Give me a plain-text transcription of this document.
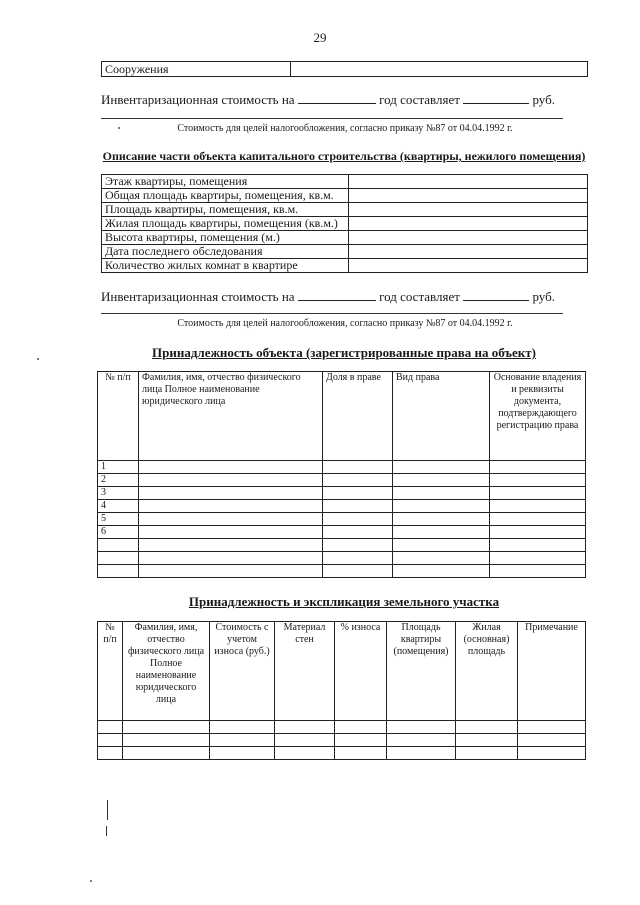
29
Сооружения	
Инвентаризационная стоимость на	год составляет	руб.
Стоимость для целей налогообложения, согласно приказу №87 от 04.04.1992 г.
Описание части объекта капитального строительства (квартиры, нежилого помещения)
Этаж квартиры, помещения	
Общая площадь квартиры, помещения, кв.м.	
Площадь квартиры, помещения, кв.м.	
Жилая площадь квартиры, помещения (кв.м.)	
Высота квартиры, помещения (м.)	
Дата последнего обследования	
Количество жилых комнат в квартире	
Инвентаризационная стоимость на	год составляет	руб.
Стоимость для целей налогообложения, согласно приказу №87 от 04.04.1992 г.
Принадлежность объекта (зарегистрированные права на объект)
№ п/п	Фамилия, имя, отчество физического лица Полное наименование юридического лица	Доля в праве	Вид права	Основание владения и реквизиты документа, подтверждающего регистрацию права
1				
2				
3				
4				
5				
6				

Принадлежность и экспликация земельного участка
№ п/п	Фамилия, имя, отчество физического лица Полное наименование юридического лица	Стоимость с учетом износа (руб.)	Материал стен	% износа	Площадь квартиры (помещения)	Жилая (основная) площадь	Примечание
